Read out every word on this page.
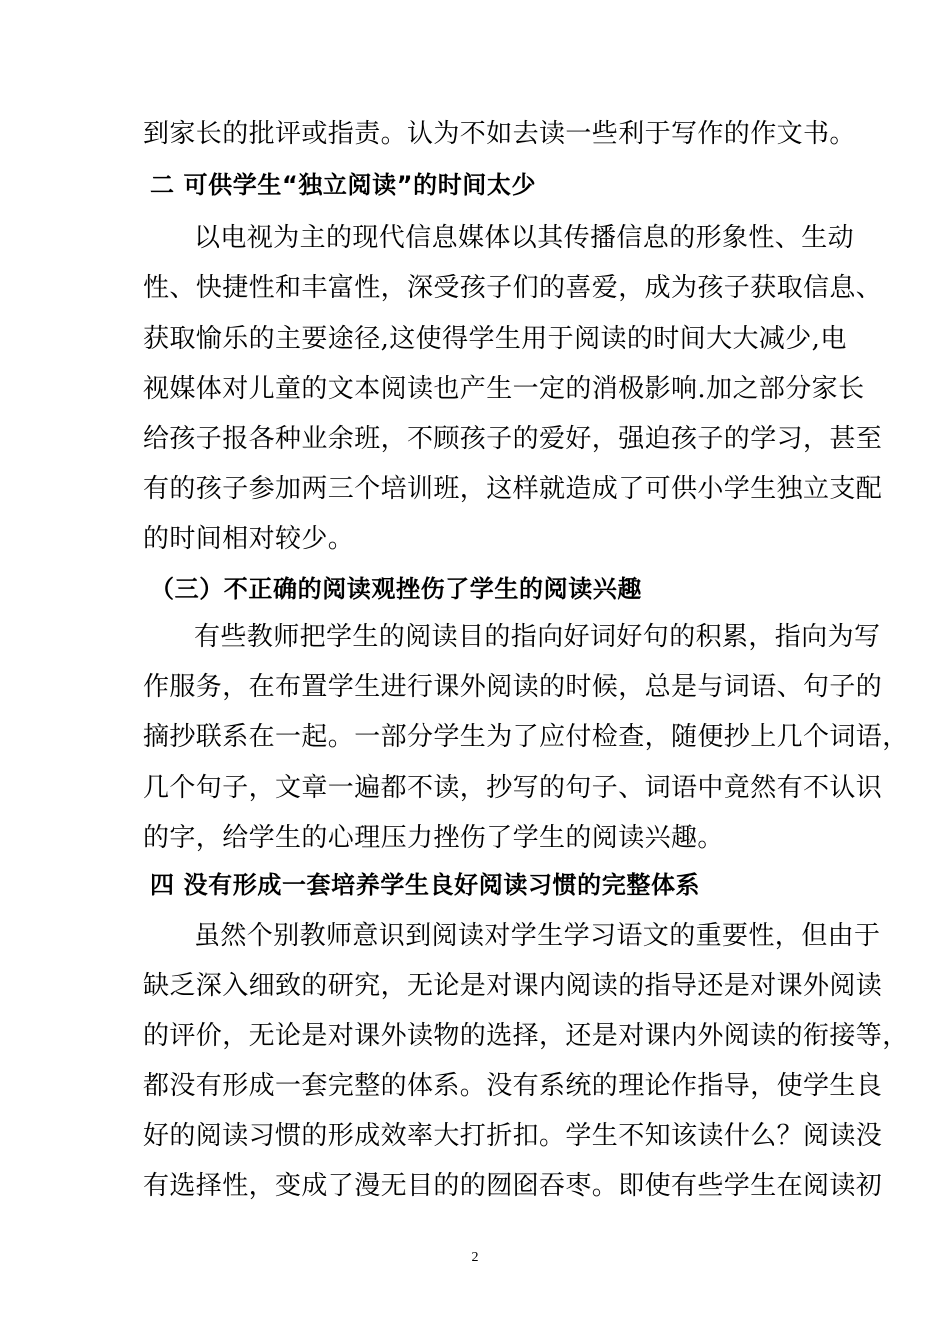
到家长的批评或指责。认为不如去读一些利于写作的作文书。
二 可供学生“独立阅读”的时间太少
以电视为主的现代信息媒体以其传播信息的形象性、生动
性、快捷性和丰富性，深受孩子们的喜爱，成为孩子获取信息、
获取愉乐的主要途径,这使得学生用于阅读的时间大大减少,电
视媒体对儿童的文本阅读也产生一定的消极影响.加之部分家长
给孩子报各种业余班，不顾孩子的爱好，强迫孩子的学习，甚至
有的孩子参加两三个培训班，这样就造成了可供小学生独立支配
的时间相对较少。
（三）不正确的阅读观挫伤了学生的阅读兴趣
有些教师把学生的阅读目的指向好词好句的积累，指向为写
作服务，在布置学生进行课外阅读的时候，总是与词语、句子的
摘抄联系在一起。一部分学生为了应付检查，随便抄上几个词语，
几个句子，文章一遍都不读，抄写的句子、词语中竟然有不认识
的字，给学生的心理压力挫伤了学生的阅读兴趣。
四 没有形成一套培养学生良好阅读习惯的完整体系
虽然个别教师意识到阅读对学生学习语文的重要性，但由于
缺乏深入细致的研究，无论是对课内阅读的指导还是对课外阅读
的评价，无论是对课外读物的选择，还是对课内外阅读的衔接等，
都没有形成一套完整的体系。没有系统的理论作指导，使学生良
好的阅读习惯的形成效率大打折扣。学生不知该读什么？阅读没
有选择性，变成了漫无目的的囫囵吞枣。即使有些学生在阅读初
2
